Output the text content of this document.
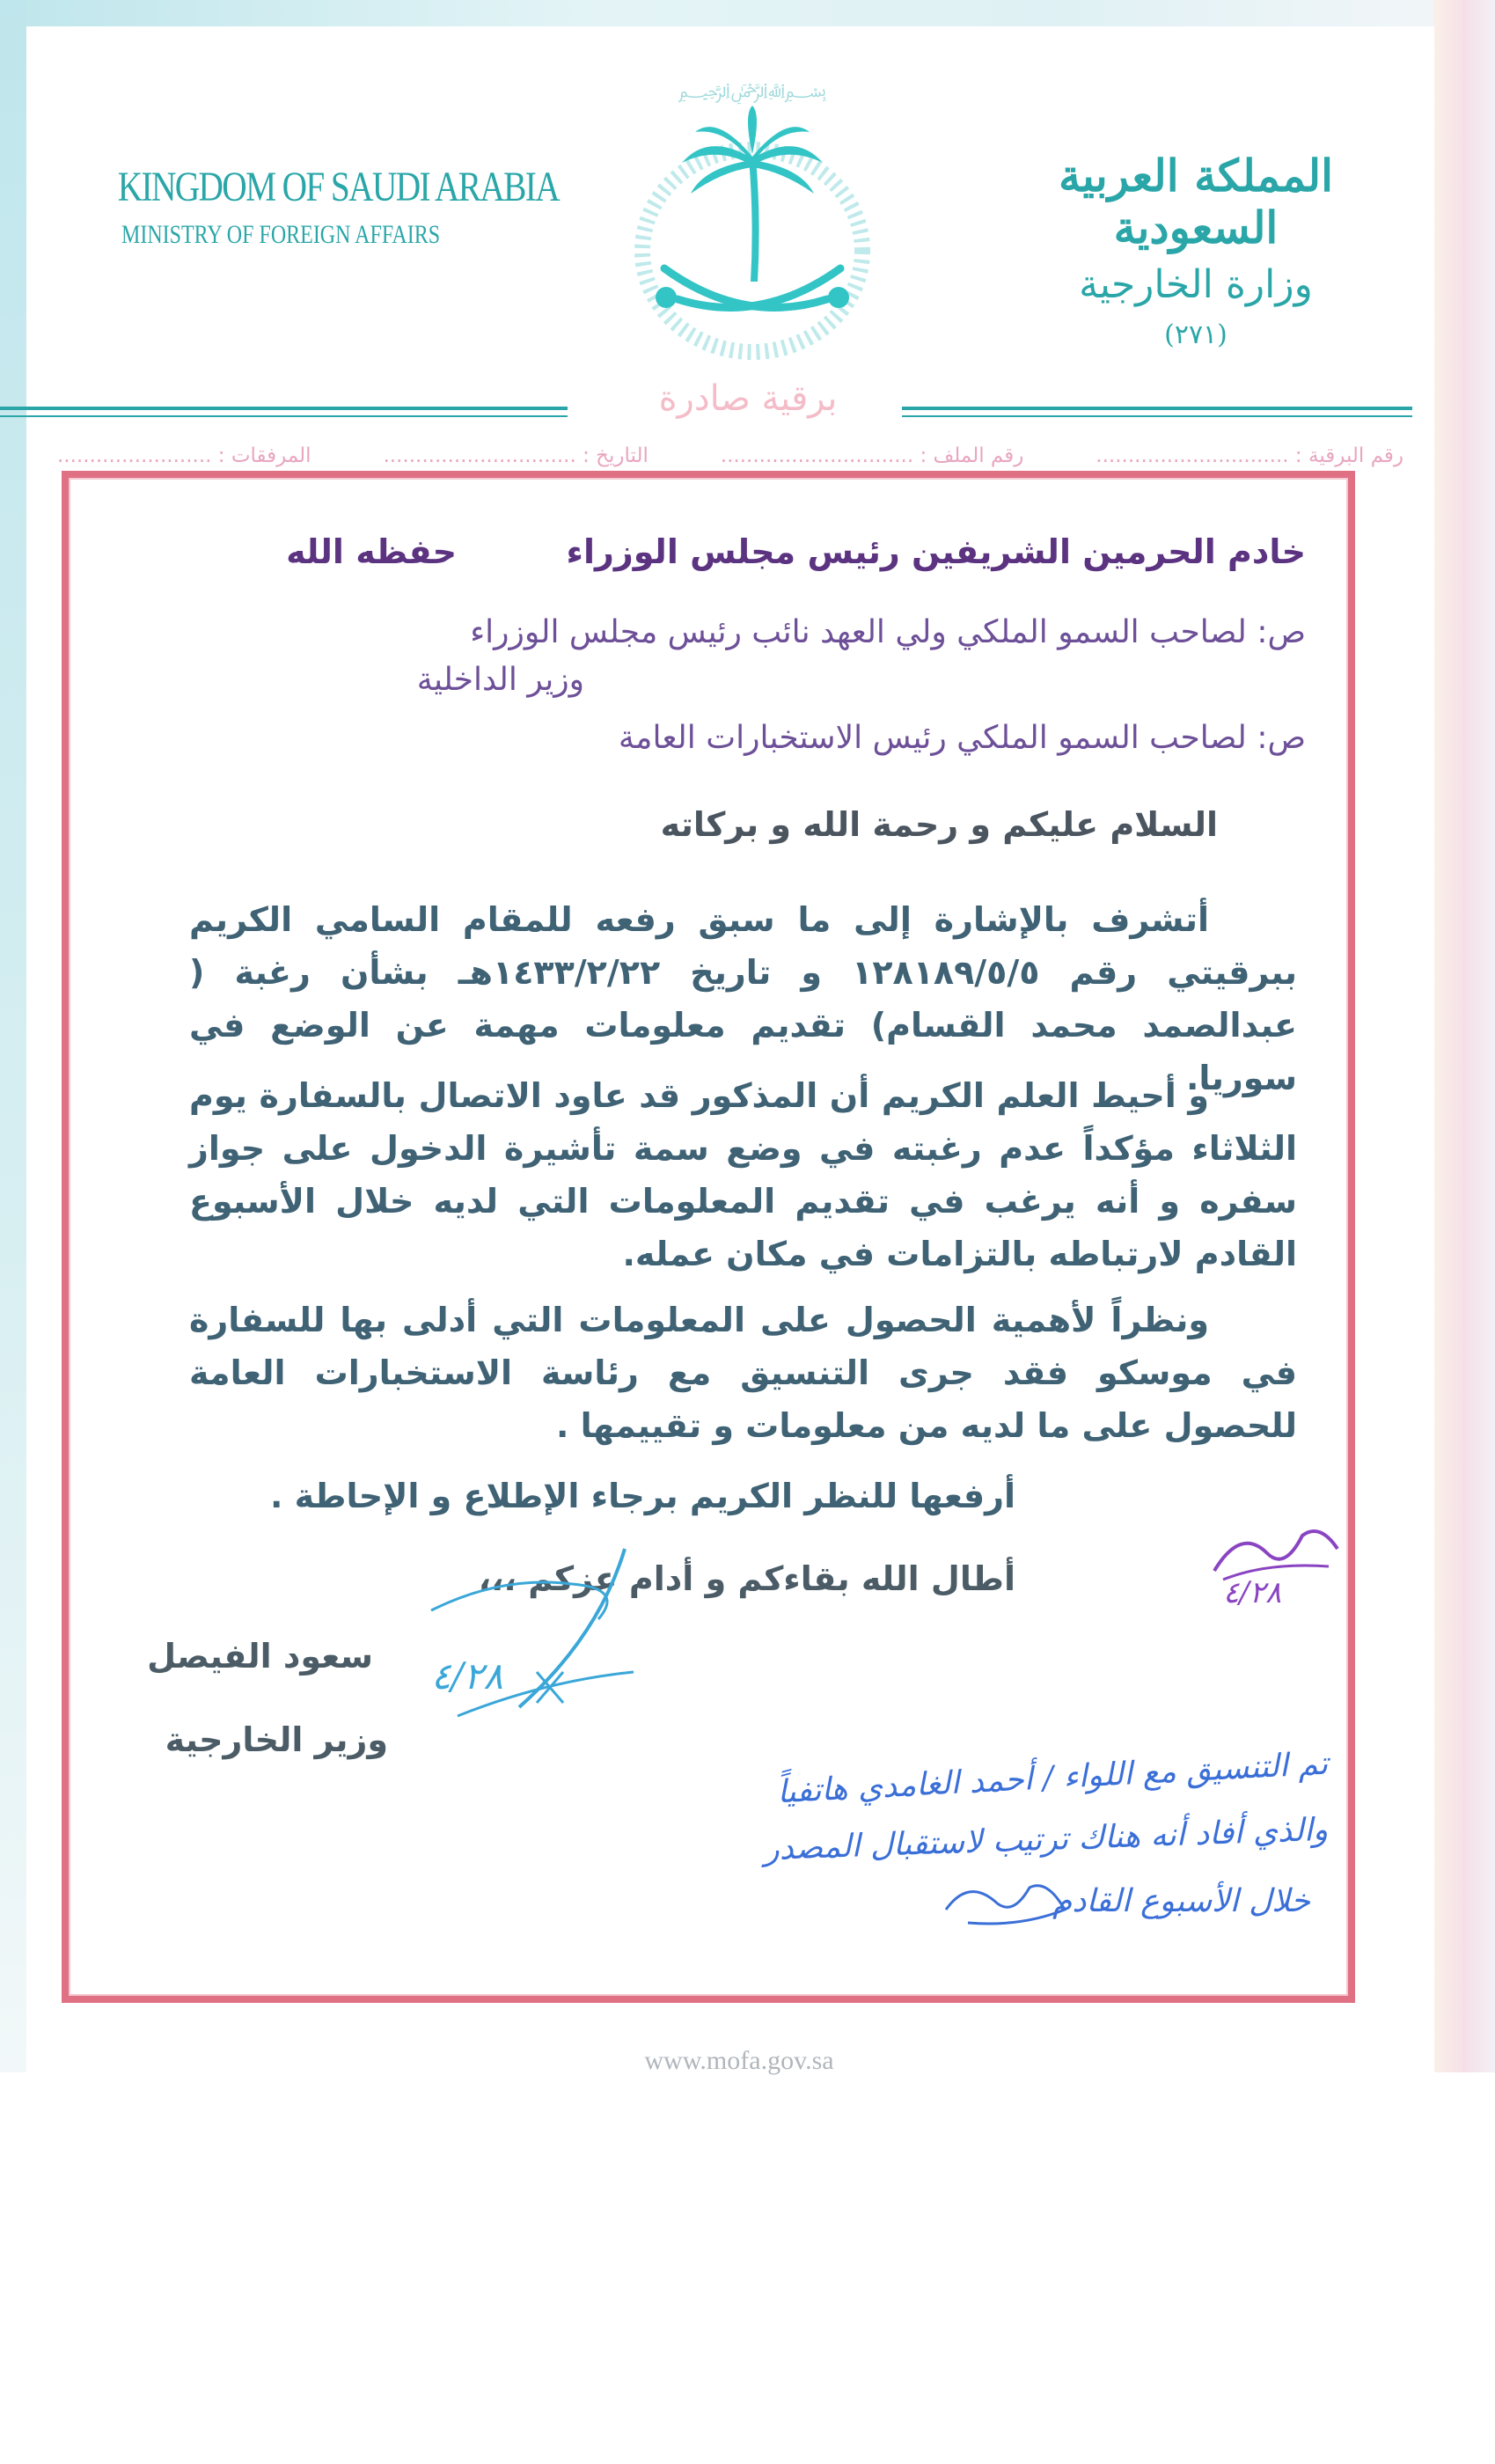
KINGDOM OF SAUDI ARABIA
MINISTRY OF FOREIGN AFFAIRS
﷽
المملكة العربية السعودية
وزارة الخارجية
(٢٧١)
برقية صادرة
رقم البرقية : ..............................
رقم الملف : ..............................
التاريخ : ..............................
المرفقات : ........................
خادم الحرمين الشريفين رئيس مجلس الوزراء
حفظه الله
ص: لصاحب السمو الملكي ولي العهد نائب رئيس مجلس الوزراء
وزير الداخلية
ص: لصاحب السمو الملكي رئيس الاستخبارات العامة
السلام عليكم و رحمة الله و بركاته
أتشرف بالإشارة إلى ما سبق رفعه للمقام السامي الكريم ببرقيتي رقم ١٢٨١٨٩/٥/٥ و تاريخ ١٤٣٣/٢/٢٢هـ بشأن رغبة ( عبدالصمد محمد القسام) تقديم معلومات مهمة عن الوضع في سوريا.
و أحيط العلم الكريم أن المذكور قد عاود الاتصال بالسفارة يوم الثلاثاء مؤكداً عدم رغبته في وضع سمة تأشيرة الدخول على جواز سفره و أنه يرغب في تقديم المعلومات التي لديه خلال الأسبوع القادم لارتباطه بالتزامات في مكان عمله.
ونظراً لأهمية الحصول على المعلومات التي أدلى بها للسفارة في موسكو فقد جرى التنسيق مع رئاسة الاستخبارات العامة للحصول على ما لديه من معلومات و تقييمها .
أرفعها للنظر الكريم برجاء الإطلاع و الإحاطة .
أطال الله بقاءكم و أدام عزكم ،،،
سعود الفيصل
وزير الخارجية
٤/٢٨
٤/٢٨
تم التنسيق مع اللواء / أحمد الغامدي هاتفياً
والذي أفاد أنه هناك ترتيب لاستقبال المصدر
خلال الأسبوع القادم
www.mofa.gov.sa
